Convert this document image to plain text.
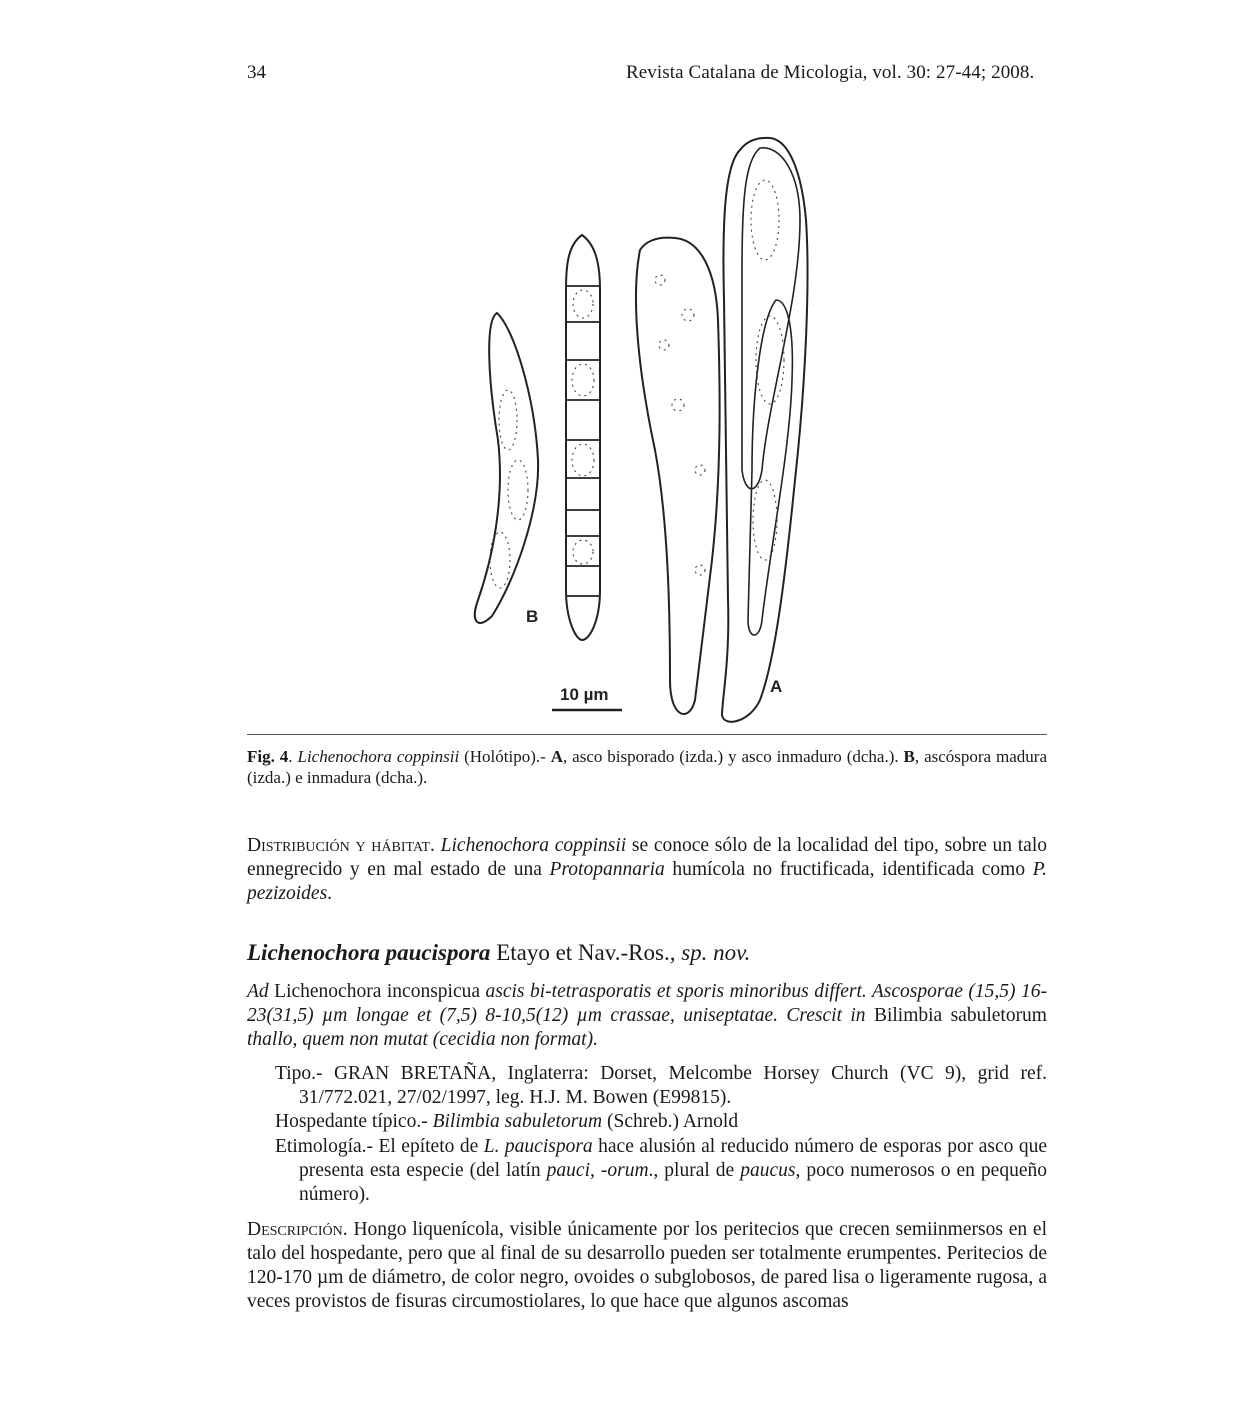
34	Revista Catalana de Micologia, vol. 30: 27-44; 2008.
10 µm
B
A
Fig. 4. Lichenochora coppinsii (Holótipo).- A, asco bisporado (izda.) y asco inmaduro (dcha.). B, ascóspora madura (izda.) e inmadura (dcha.).
Distribución y hábitat. Lichenochora coppinsii se conoce sólo de la localidad del tipo, sobre un talo ennegrecido y en mal estado de una Protopannaria humícola no fructificada, identificada como P. pezizoides.
Lichenochora paucispora Etayo et Nav.-Ros., sp. nov.
Ad Lichenochora inconspicua ascis bi-tetrasporatis et sporis minoribus differt. Ascosporae (15,5) 16-23(31,5) µm longae et (7,5) 8-10,5(12) µm crassae, uniseptatae. Crescit in Bilimbia sabuletorum thallo, quem non mutat (cecidia non format).
Tipo.- GRAN BRETAÑA, Inglaterra: Dorset, Melcombe Horsey Church (VC 9), grid ref. 31/772.021, 27/02/1997, leg. H.J. M. Bowen (E99815).
Hospedante típico.- Bilimbia sabuletorum (Schreb.) Arnold
Etimología.- El epíteto de L. paucispora hace alusión al reducido número de esporas por asco que presenta esta especie (del latín pauci, -orum., plural de paucus, poco numerosos o en pequeño número).
Descripción. Hongo liquenícola, visible únicamente por los peritecios que crecen semiinmersos en el talo del hospedante, pero que al final de su desarrollo pueden ser totalmente erumpentes. Peritecios de 120-170 µm de diámetro, de color negro, ovoides o subglobosos, de pared lisa o ligeramente rugosa, a veces provistos de fisuras circumostiolares, lo que hace que algunos ascomas
